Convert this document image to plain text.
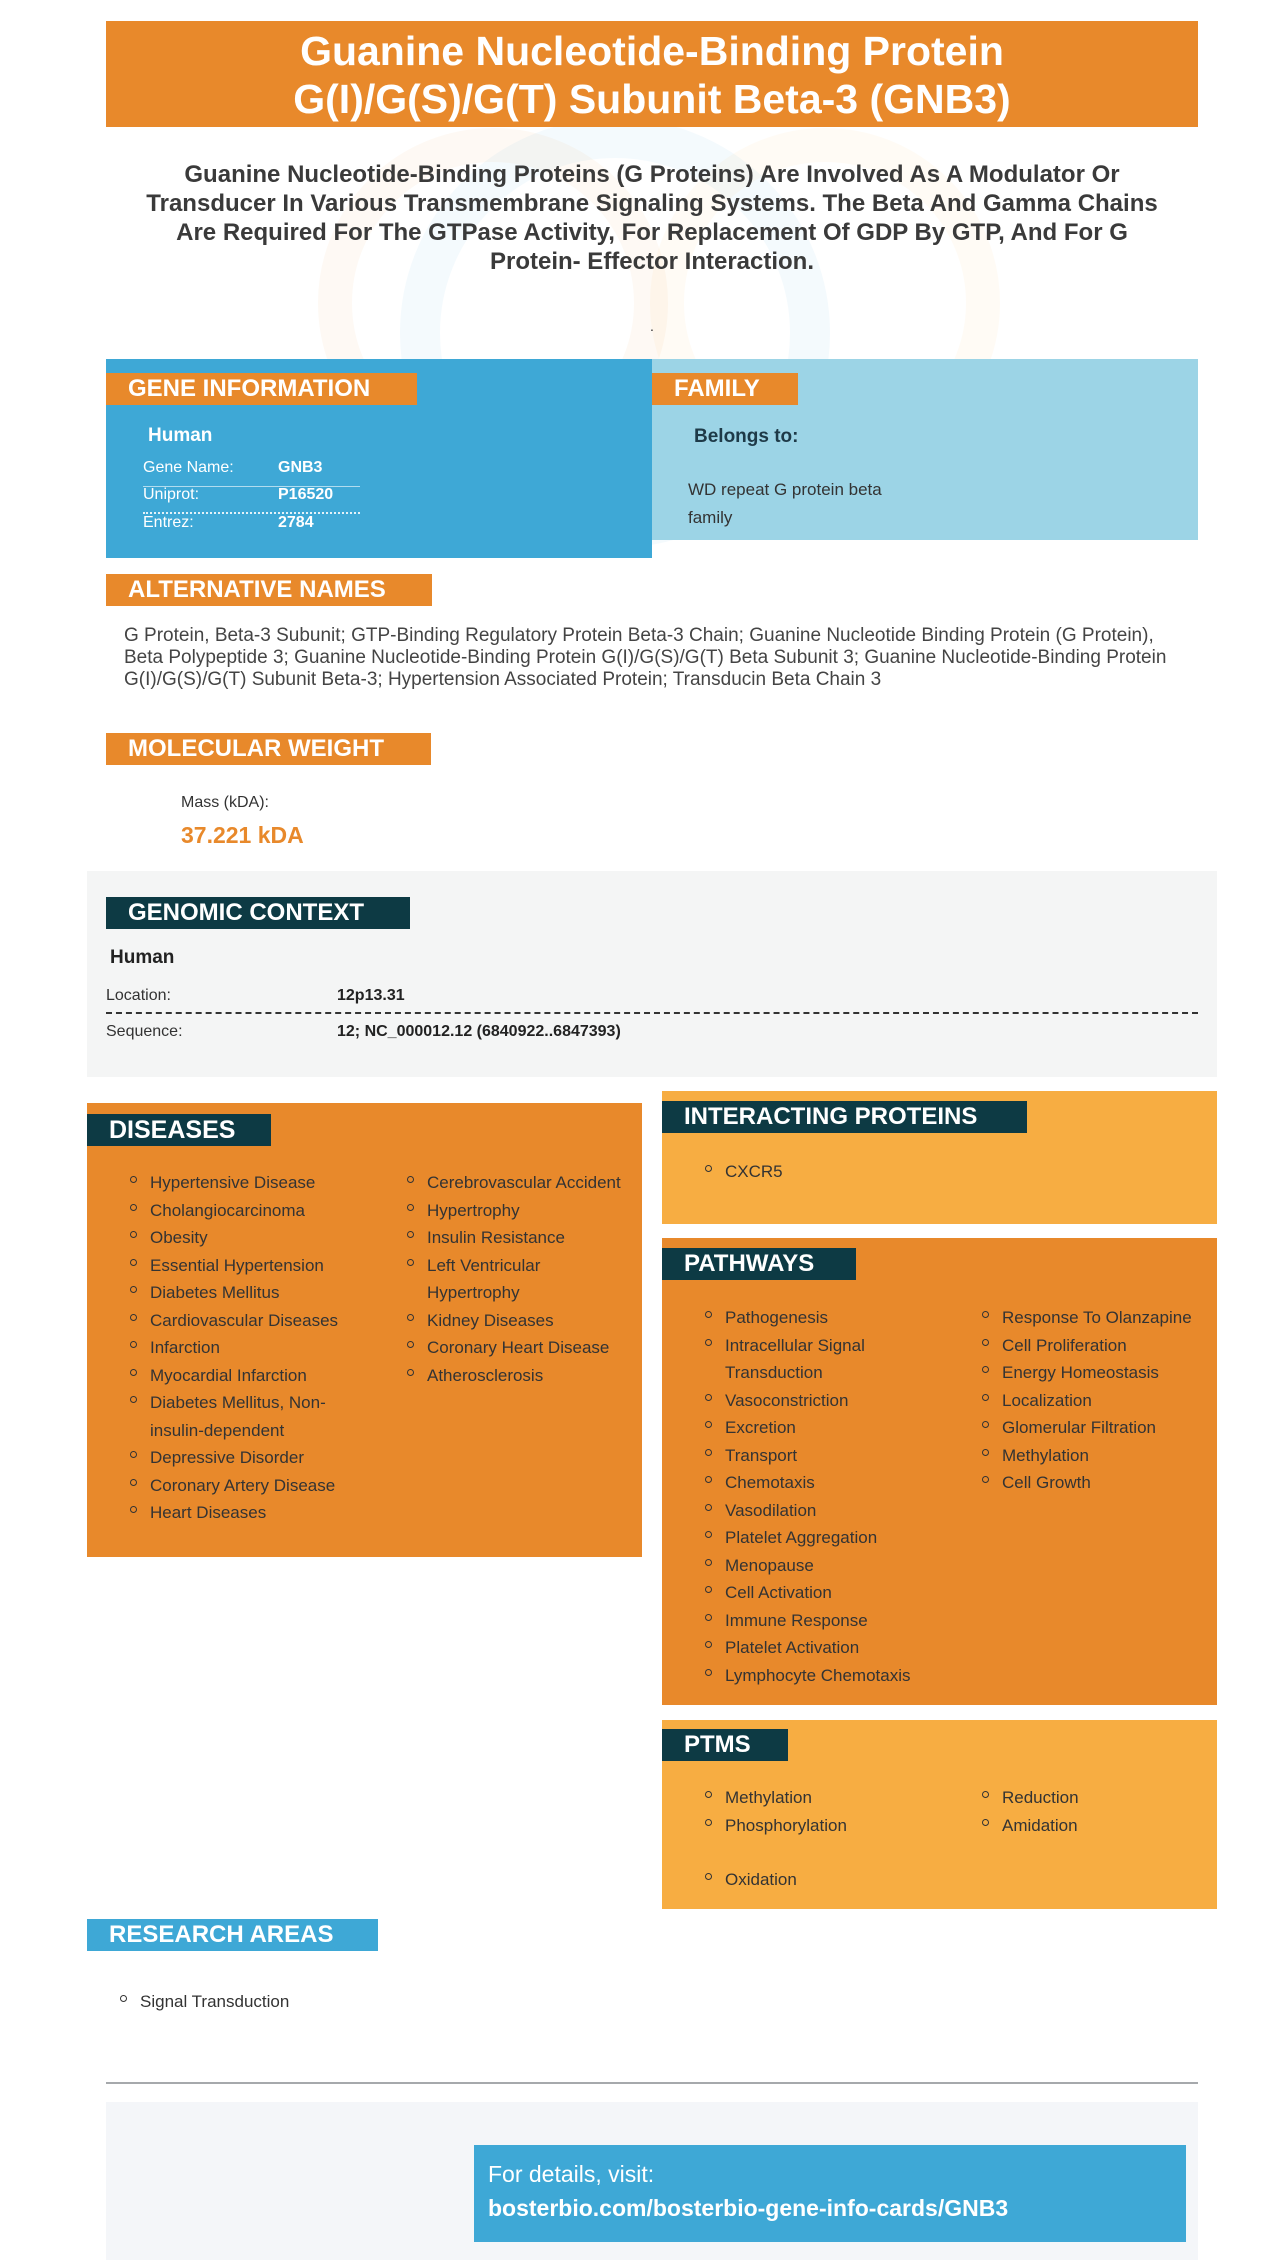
Guanine Nucleotide-Binding Protein
G(I)/G(S)/G(T) Subunit Beta-3 (GNB3)
Guanine Nucleotide-Binding Proteins (G Proteins) Are Involved As A Modulator Or Transducer In Various Transmembrane Signaling Systems. The Beta And Gamma Chains Are Required For The GTPase Activity, For Replacement Of GDP By GTP, And For G Protein- Effector Interaction.
.
GENE INFORMATION
Human
Gene Name:	GNB3
Uniprot:	P16520
Entrez:	2784
FAMILY
Belongs to:
WD repeat G protein beta
family
ALTERNATIVE NAMES
G Protein, Beta-3 Subunit; GTP-Binding Regulatory Protein Beta-3 Chain; Guanine Nucleotide Binding Protein (G Protein), Beta Polypeptide 3; Guanine Nucleotide-Binding Protein G(I)/G(S)/G(T) Beta Subunit 3; Guanine Nucleotide-Binding Protein G(I)/G(S)/G(T) Subunit Beta-3; Hypertension Associated Protein; Transducin Beta Chain 3
MOLECULAR WEIGHT
Mass (kDA):
37.221 kDA
GENOMIC CONTEXT
Human
Location:	12p13.31
Sequence:	12; NC_000012.12 (6840922..6847393)
DISEASES
Hypertensive Disease
Cholangiocarcinoma
Obesity
Essential Hypertension
Diabetes Mellitus
Cardiovascular Diseases
Infarction
Myocardial Infarction
Diabetes Mellitus, Non-insulin-dependent
Depressive Disorder
Coronary Artery Disease
Heart Diseases
Cerebrovascular Accident
Hypertrophy
Insulin Resistance
Left Ventricular Hypertrophy
Kidney Diseases
Coronary Heart Disease
Atherosclerosis
INTERACTING PROTEINS
CXCR5
PATHWAYS
Pathogenesis
Intracellular Signal Transduction
Vasoconstriction
Excretion
Transport
Chemotaxis
Vasodilation
Platelet Aggregation
Menopause
Cell Activation
Immune Response
Platelet Activation
Lymphocyte Chemotaxis
Response To Olanzapine
Cell Proliferation
Energy Homeostasis
Localization
Glomerular Filtration
Methylation
Cell Growth
PTMS
Methylation
Phosphorylation
Reduction
Amidation
Oxidation
RESEARCH AREAS
Signal Transduction
For details, visit:
bosterbio.com/bosterbio-gene-info-cards/GNB3
